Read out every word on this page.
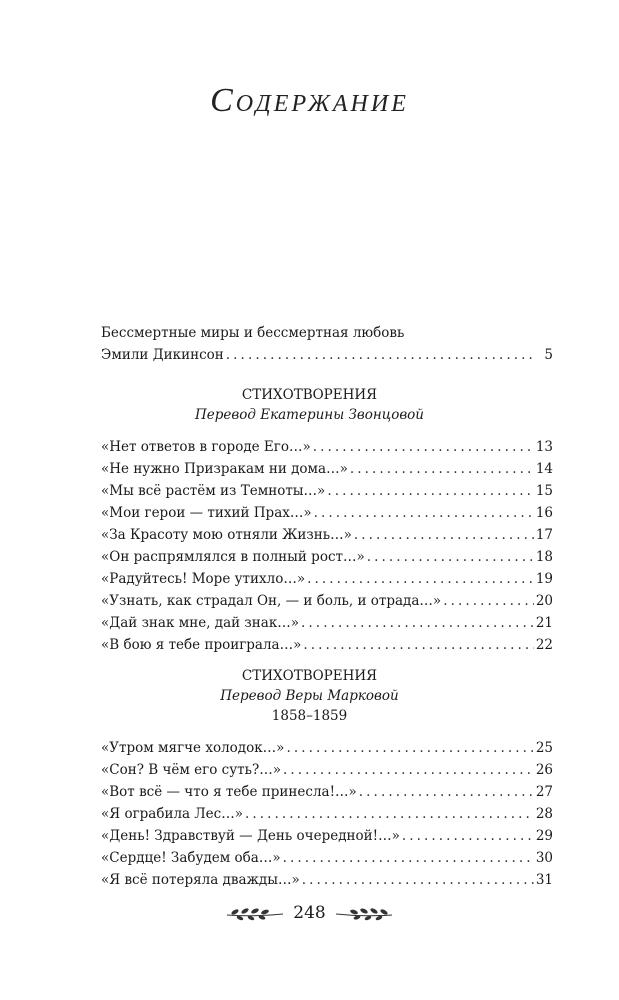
Содержание
Бессмертные миры и бессмертная любовь
Эмили Дикинсон . . .	5
СТИХОТВОРЕНИЯ
Перевод Екатерины Звонцовой
«Нет ответов в городе Его…» . . .	13
«Не нужно Призракам ни дома…» . . .	14
«Мы всё растём из Темноты…» . . .	15
«Мои герои — тихий Прах…» . . .	16
«За Красоту мою отняли Жизнь…» . . .	17
«Он распрямлялся в полный рост…» . . .	18
«Радуйтесь! Море утихло…» . . .	19
«Узнать, как страдал Он, — и боль, и отрада…» . . .	20
«Дай знак мне, дай знак…» . . .	21
«В бою я тебе проиграла…» . . .	22
СТИХОТВОРЕНИЯ
Перевод Веры Марковой
1858–1859
«Утром мягче холодок…» . . .	25
«Сон? В чём его суть?…» . . .	26
«Вот всё — что я тебе принесла!…» . . .	27
«Я ограбила Лес…» . . .	28
«День! Здравствуй — День очередной!…» . . .	29
«Сердце! Забудем оба…» . . .	30
«Я всё потеряла дважды…» . . .	31
248
